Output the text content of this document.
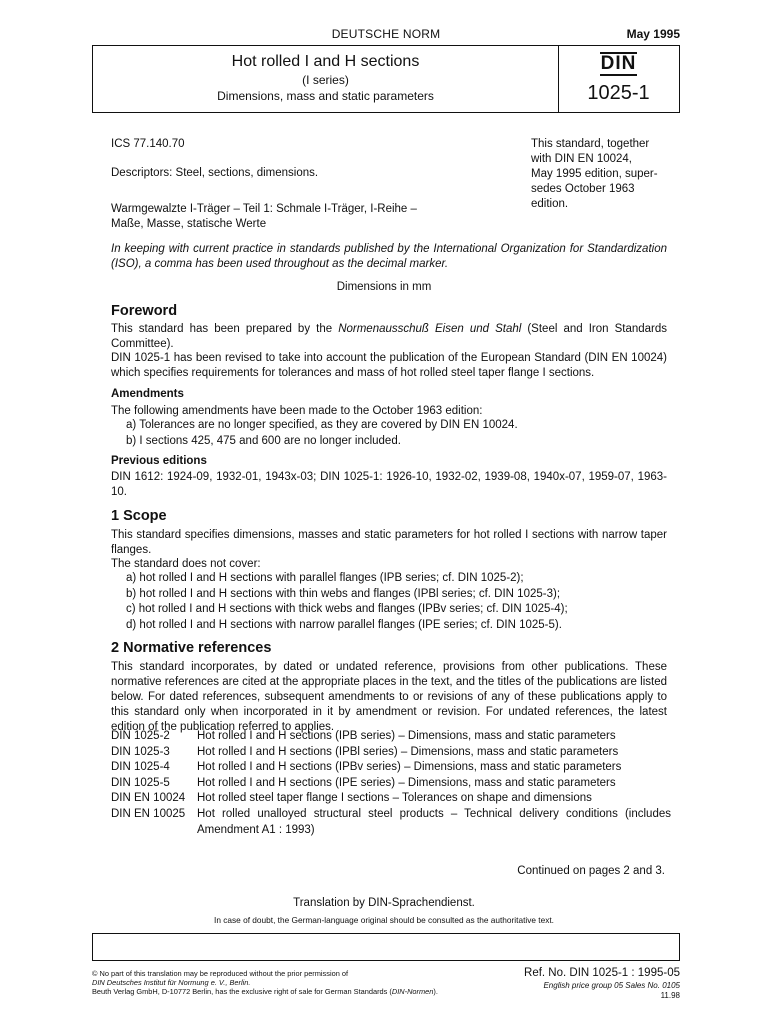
DEUTSCHE NORM	May 1995
Hot rolled I and H sections
(I series)
Dimensions, mass and static parameters
DIN
1025-1
ICS 77.140.70
Descriptors: Steel, sections, dimensions.
Warmgewalzte I-Träger – Teil 1: Schmale I-Träger, I-Reihe –
Maße, Masse, statische Werte
This standard, together
with DIN EN 10024,
May 1995 edition, super-
sedes October 1963
edition.
In keeping with current practice in standards published by the International Organization for Standardization (ISO), a comma has been used throughout as the decimal marker.
Dimensions in mm
Foreword
This standard has been prepared by the Normenausschuß Eisen und Stahl (Steel and Iron Standards Committee).
DIN 1025-1 has been revised to take into account the publication of the European Standard (DIN EN 10024) which specifies requirements for tolerances and mass of hot rolled steel taper flange I sections.
Amendments
The following amendments have been made to the October 1963 edition:
a) Tolerances are no longer specified, as they are covered by DIN EN 10024.
b) I sections 425, 475 and 600 are no longer included.
Previous editions
DIN 1612: 1924-09, 1932-01, 1943x-03; DIN 1025-1: 1926-10, 1932-02, 1939-08, 1940x-07, 1959-07, 1963-10.
1 Scope
This standard specifies dimensions, masses and static parameters for hot rolled I sections with narrow taper flanges.
The standard does not cover:
a) hot rolled I and H sections with parallel flanges (IPB series; cf. DIN 1025-2);
b) hot rolled I and H sections with thin webs and flanges (IPBl series; cf. DIN 1025-3);
c) hot rolled I and H sections with thick webs and flanges (IPBv series; cf. DIN 1025-4);
d) hot rolled I and H sections with narrow parallel flanges (IPE series; cf. DIN 1025-5).
2 Normative references
This standard incorporates, by dated or undated reference, provisions from other publications. These normative references are cited at the appropriate places in the text, and the titles of the publications are listed below. For dated references, subsequent amendments to or revisions of any of these publications apply to this standard only when incorporated in it by amendment or revision. For undated references, the latest edition of the publication referred to applies.
DIN 1025-2	Hot rolled I and H sections (IPB series) – Dimensions, mass and static parameters
DIN 1025-3	Hot rolled I and H sections (IPBl series) – Dimensions, mass and static parameters
DIN 1025-4	Hot rolled I and H sections (IPBv series) – Dimensions, mass and static parameters
DIN 1025-5	Hot rolled I and H sections (IPE series) – Dimensions, mass and static parameters
DIN EN 10024	Hot rolled steel taper flange I sections – Tolerances on shape and dimensions
DIN EN 10025	Hot rolled unalloyed structural steel products – Technical delivery conditions (includes Amendment A1 : 1993)
Continued on pages 2 and 3.
Translation by DIN-Sprachendienst.
In case of doubt, the German-language original should be consulted as the authoritative text.
© No part of this translation may be reproduced without the prior permission of
DIN Deutsches Institut für Normung e. V., Berlin.
Beuth Verlag GmbH, D-10772 Berlin, has the exclusive right of sale for German Standards (DIN-Normen).
Ref. No. DIN 1025-1 : 1995-05
English price group 05 Sales No. 0105
11.98
